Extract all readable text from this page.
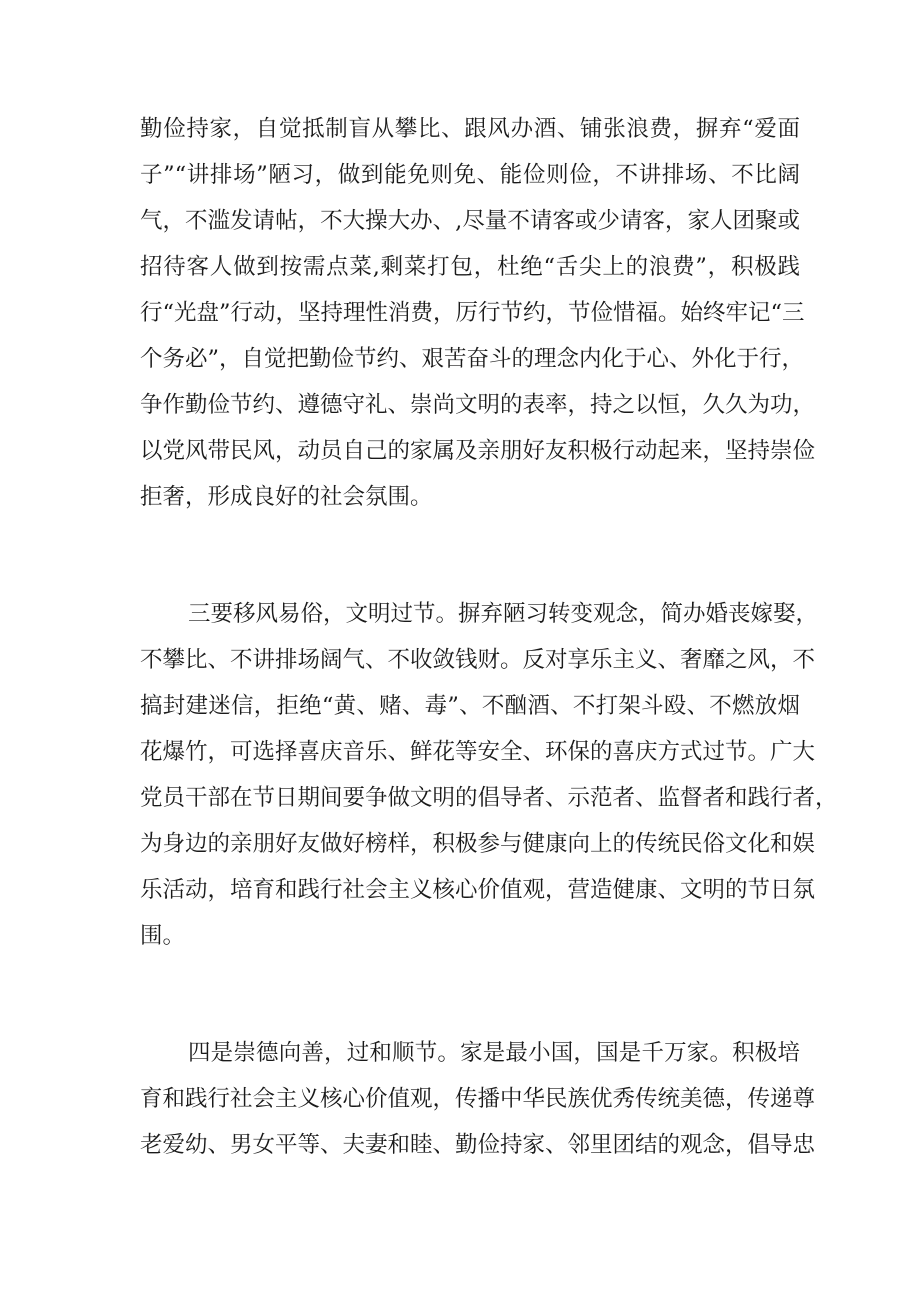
勤俭持家，自觉抵制盲从攀比、跟风办酒、铺张浪费，摒弃“爱面
子”“讲排场”陋习，做到能免则免、能俭则俭，不讲排场、不比阔
气，不滥发请帖，不大操大办、,尽量不请客或少请客，家人团聚或
招待客人做到按需点菜,剩菜打包，杜绝“舌尖上的浪费”，积极践
行“光盘”行动，坚持理性消费，厉行节约，节俭惜福。始终牢记“三
个务必”，自觉把勤俭节约、艰苦奋斗的理念内化于心、外化于行，
争作勤俭节约、遵德守礼、崇尚文明的表率，持之以恒，久久为功，
以党风带民风，动员自己的家属及亲朋好友积极行动起来，坚持崇俭
拒奢，形成良好的社会氛围。
三要移风易俗，文明过节。摒弃陋习转变观念，简办婚丧嫁娶，
不攀比、不讲排场阔气、不收敛钱财。反对享乐主义、奢靡之风，不
搞封建迷信，拒绝“黄、赌、毒”、不酗酒、不打架斗殴、不燃放烟
花爆竹，可选择喜庆音乐、鲜花等安全、环保的喜庆方式过节。广大
党员干部在节日期间要争做文明的倡导者、示范者、监督者和践行者，
为身边的亲朋好友做好榜样，积极参与健康向上的传统民俗文化和娱
乐活动，培育和践行社会主义核心价值观，营造健康、文明的节日氛
围。
四是崇德向善，过和顺节。家是最小国，国是千万家。积极培
育和践行社会主义核心价值观，传播中华民族优秀传统美德，传递尊
老爱幼、男女平等、夫妻和睦、勤俭持家、邻里团结的观念，倡导忠
